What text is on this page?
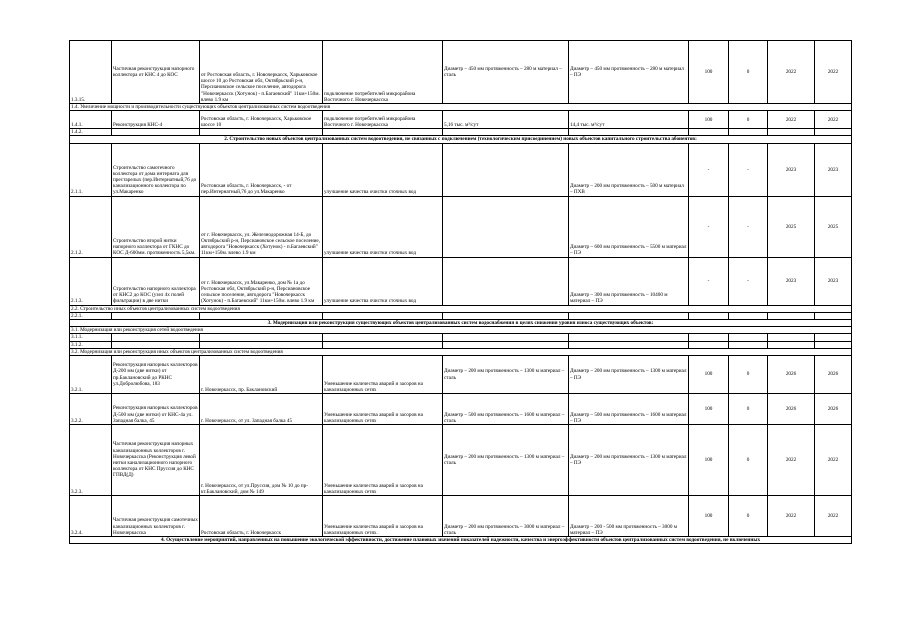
1.3.15.	Частичная реконструкция напорного коллектора от КНС 4 до КОС	от Ростовская область, г. Новочеркасск, Харьковское шоссе 10 до Ростовская обл, Октябрьский р-н, Персиановское сельское поселение, автодорога "Новочеркасск (Хотунок) - п.Багаевский" 11км+150м. влево 1.9 км	подключение потребителей микрорайона Восточного г. Новочеркасска	Диаметр – 450 мм протяженность – 280 м материал – сталь	Диаметр – 450 мм протяженность – 280 м материал – ПЭ	100	0	2022	2022
1.4. Увеличение мощности и производительности существующих объектов централизованных систем водоотведения									
1.4.1.	Реконструкция КНС-4	Ростовская область, г. Новочеркасск, Харьковское шоссе 10	подключение потребителей микрорайона Восточного г. Новочеркасска	5,16 тыс. м³/сут	14,4 тыс. м³/сут	100	0	2022	2022
1.4.2.									
2. Строительство новых объектов централизованных систем водоотведения, не связанных с подключением (технологическим присоединением) новых объектов капитального строительства абонентов:									
2.1.1.	Строительство самотечного коллектора от дома интерната для престарелых (пер.Интернатный,76 до канализационного коллектора по ул.Макаренко	Ростовская область, г. Новочеркасск, - от пер.Интернатный,76 до ул.Макаренко	улучшение качества очистки сточных вод		Диаметр – 200 мм протяженность – 500 м материал – ПХВ	-	-	2023	2023
2.1.2.	Строительство второй нитки напорного коллектора от ГКНС до КОС Д-600мм. протяженность 5,5км.	от г. Новочеркасск, ул. Железнодорожная 14-Б, до Октябрьский р-н, Персиановское сельское поселение, автодорога "Новочеркасск (Хотунок) - п.Багаевский" 11км+150м. влево 1.9 км	улучшение качества очистки сточных вод		Диаметр – 600 мм протяженность – 5500 м материал – ПЭ	-	-	2025	2025
2.1.3.	Строительство напорного коллектора от КНС2 до КОС (узел 4х полей фильтрации) в две нитки	от г. Новочеркасск, ул.Макаренко, дом № 1а до Ростовская обл, Октябрьский р-н, Персиановское сельское поселение, автодорога "Новочеркасск (Хотунок) - п.Багаевский" 11км+150м. влево 1.9 км	улучшение качества очистки сточных вод		Диаметр – 300 мм протяженность – 10400 м материал – ПЭ	-	-	2023	2023
2.2. Строительство иных объектов централизованных систем водоотведения									
2.2.1.									
3. Модернизация или реконструкция существующих объектов централизованных систем водоснабжения в целях снижения уровня износа существующих объектов:									
3.1. Модернизация или реконструкция сетей водоотведения									
3.1.1.									
3.1.2.									
3.2. Модернизация или реконструкция иных объектов централизованных систем водоотведения									
3.2.1.	Реконструкция напорных коллекторов Д-200 мм (две нитки) от пр.Баклановский до РКНС ул.Добролюбова, 183	г. Новочеркасск, пр. Баклановский	Уменьшение количества аварий и засоров на канализационных сетях	Диаметр – 200 мм протяженность – 1300 м материал – сталь	Диаметр – 200 мм протяженность – 1300 м материал – ПЭ	100	0	2026	2026
3.2.2.	Реконструкция напорных коллекторов Д-500 мм (две нитки) от КНС-4а ул. Западная балка, 45	г. Новочеркасск, от ул. Западная балка 45	Уменьшение количества аварий и засоров на канализационных сетях	Диаметр – 500 мм протяженность – 1600 м материал – сталь	Диаметр – 500 мм протяженность – 1600 м материал – ПЭ	100	0	2026	2026
3.2.3.	Частичная реконструкция напорных канализационных коллекторов г. Новочеркасска (Реконструкция левой нитки канализационного напорного коллектора от КНС Пруссия до КНС ГПВД(Д)	г. Новочеркасск, от ул.Пруссия, дом № 10 до пр-кт.Баклановский, дом № 149	Уменьшение количества аварий и засоров на канализационных сетях	Диаметр – 200 мм протяженность – 1300 м материал – сталь	Диаметр – 200 мм протяженность – 1300 м материал – ПЭ	100	0	2022	2022
3.2.4.	Частичная реконструкция самотечных канализационных коллекторов г. Новочеркасска	Ростовская область, г. Новочеркасск	Уменьшение количества аварий и засоров на канализационных сетях.	Диаметр – 200 мм протяженность – 3000 м материал – сталь	Диаметр – 200 - 500 мм протяженность – 3000 м материал – ПЭ	100	0	2022	2022
4. Осуществление мероприятий, направленных на повышение экологической эффективности, достижение плановых значений показателей надежности, качества и энергоэффективности объектов централизованных систем водоотведения, не включенных									
